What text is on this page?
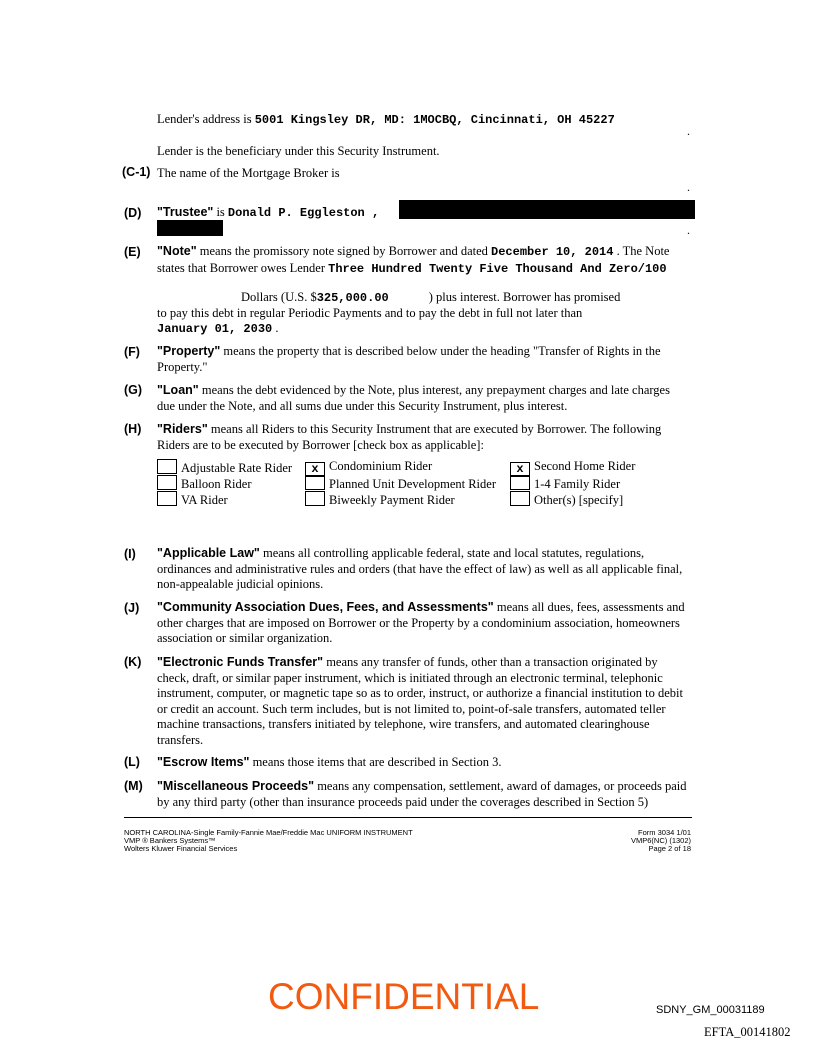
Lender's address is 5001 Kingsley DR, MD: 1MOCBQ, Cincinnati, OH 45227

.

Lender is the beneficiary under this Security Instrument.

(C-1) The name of the Mortgage Broker is

.
(D) "Trustee" is Donald P. Eggleston ,

.
(E) "Note" means the promissory note signed by Borrower and dated December 10, 2014 . The Note states that Borrower owes Lender Three Hundred Twenty Five Thousand And Zero/100

Dollars (U.S. $325,000.00	) plus interest. Borrower has promised
to pay this debt in regular Periodic Payments and to pay the debt in full not later than

January 01, 2030 .

(F) "Property" means the property that is described below under the heading "Transfer of Rights in the Property."

(G) "Loan" means the debt evidenced by the Note, plus interest, any prepayment charges and late charges due under the Note, and all sums due under this Security Instrument, plus interest.

(H) "Riders" means all Riders to this Security Instrument that are executed by Borrower. The following Riders are to be executed by Borrower [check box as applicable]:

Adjustable Rate Rider	x Condominium Rider	x Second Home Rider
Balloon Rider	Planned Unit Development Rider	1-4 Family Rider
VA Rider	Biweekly Payment Rider	Other(s) [specify]
(I) "Applicable Law" means all controlling applicable federal, state and local statutes, regulations, ordinances and administrative rules and orders (that have the effect of law) as well as all applicable final, non-appealable judicial opinions.

(J) "Community Association Dues, Fees, and Assessments" means all dues, fees, assessments and other charges that are imposed on Borrower or the Property by a condominium association, homeowners association or similar organization.

(K) "Electronic Funds Transfer" means any transfer of funds, other than a transaction originated by check, draft, or similar paper instrument, which is initiated through an electronic terminal, telephonic instrument, computer, or magnetic tape so as to order, instruct, or authorize a financial institution to debit or credit an account. Such term includes, but is not limited to, point-of-sale transfers, automated teller machine transactions, transfers initiated by telephone, wire transfers, and automated clearinghouse transfers.

(L) "Escrow Items" means those items that are described in Section 3.

(M) "Miscellaneous Proceeds" means any compensation, settlement, award of damages, or proceeds paid by any third party (other than insurance proceeds paid under the coverages described in Section 5)

NORTH CAROLINA-Single Family-Fannie Mae/Freddie Mac UNIFORM INSTRUMENT
VMP ® Bankers Systems™
Wolters Kluwer Financial Services
Form 3034 1/01
VMP6(NC) (1302)
Page 2 of 18
CONFIDENTIAL	SDNY_GM_00031189
EFTA_00141802
